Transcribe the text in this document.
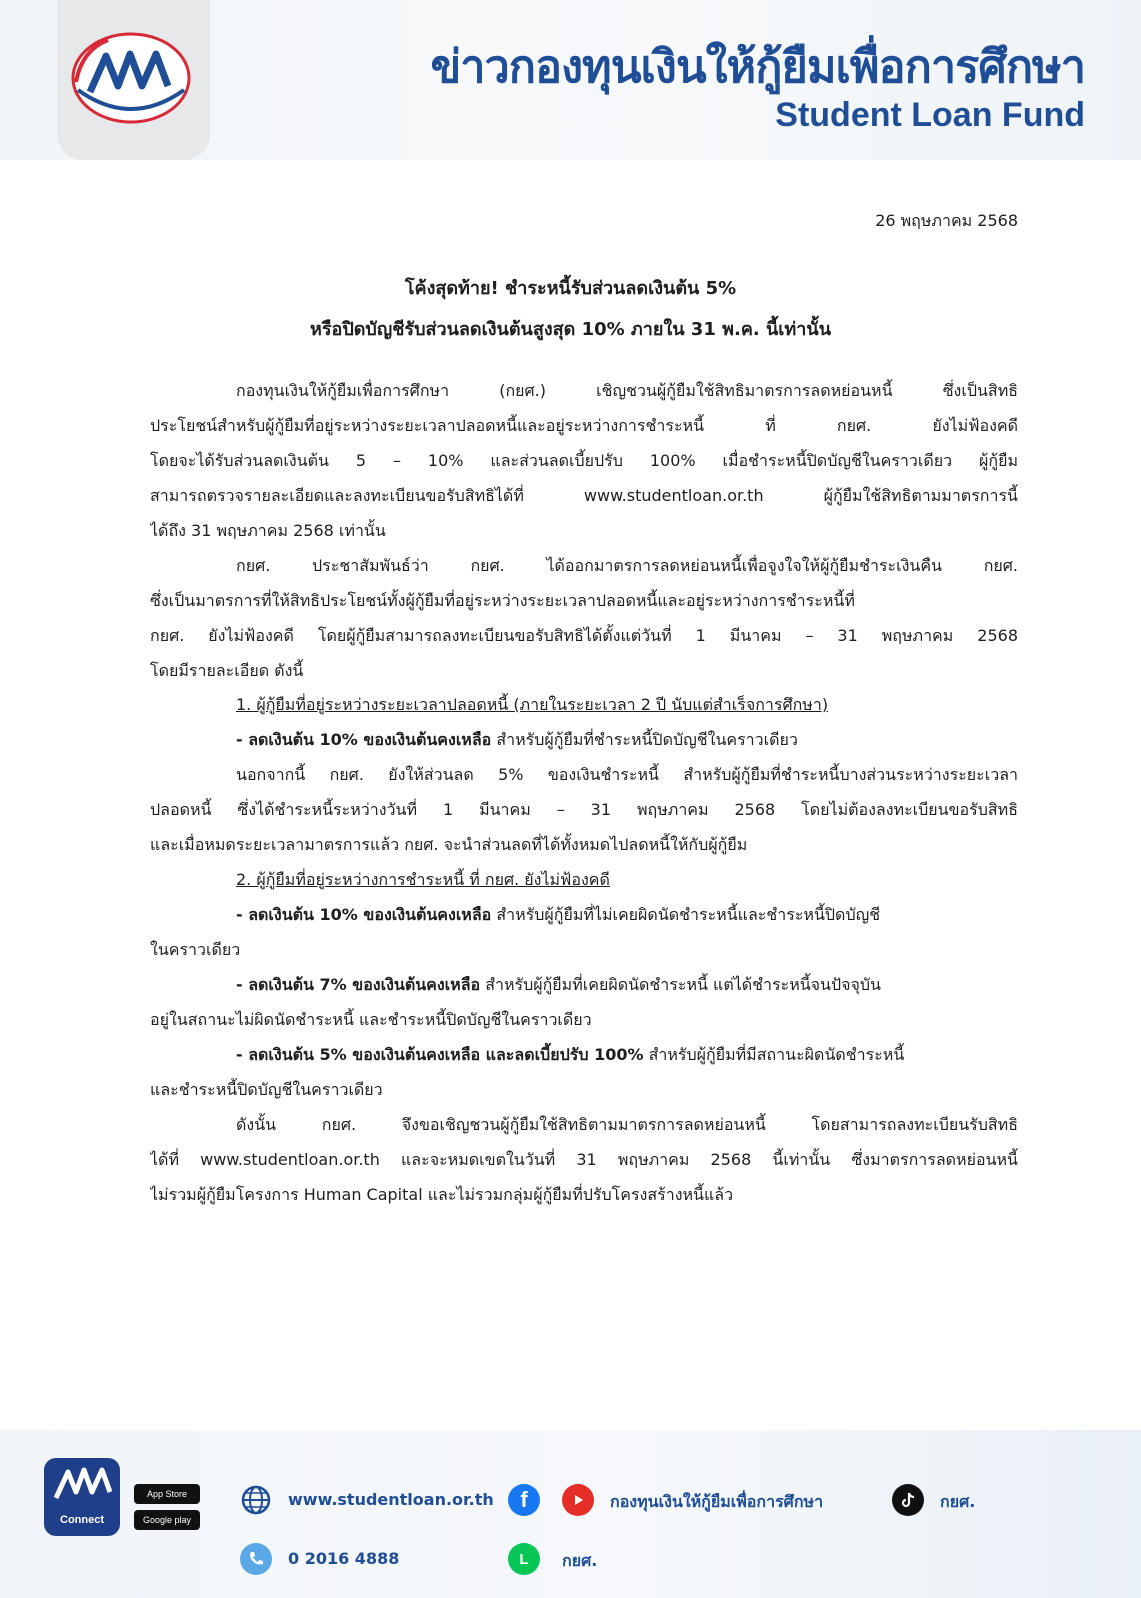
ข่าวกองทุนเงินให้กู้ยืมเพื่อการศึกษา
Student Loan Fund
26 พฤษภาคม 2568
โค้งสุดท้าย! ชำระหนี้รับส่วนลดเงินต้น 5%
หรือปิดบัญชีรับส่วนลดเงินต้นสูงสุด 10% ภายใน 31 พ.ค. นี้เท่านั้น
กองทุนเงินให้กู้ยืมเพื่อการศึกษา (กยศ.) เชิญชวนผู้กู้ยืมใช้สิทธิมาตรการลดหย่อนหนี้ ซึ่งเป็นสิทธิ
ประโยชน์สำหรับผู้กู้ยืมที่อยู่ระหว่างระยะเวลาปลอดหนี้และอยู่ระหว่างการชำระหนี้ ที่ กยศ. ยังไม่ฟ้องคดี
โดยจะได้รับส่วนลดเงินต้น 5 – 10% และส่วนลดเบี้ยปรับ 100% เมื่อชำระหนี้ปิดบัญชีในคราวเดียว ผู้กู้ยืม
สามารถตรวจรายละเอียดและลงทะเบียนขอรับสิทธิได้ที่ www.studentloan.or.th ผู้กู้ยืมใช้สิทธิตามมาตรการนี้
ได้ถึง 31 พฤษภาคม 2568 เท่านั้น
กยศ. ประชาสัมพันธ์ว่า กยศ. ได้ออกมาตรการลดหย่อนหนี้เพื่อจูงใจให้ผู้กู้ยืมชำระเงินคืน กยศ.
ซึ่งเป็นมาตรการที่ให้สิทธิประโยชน์ทั้งผู้กู้ยืมที่อยู่ระหว่างระยะเวลาปลอดหนี้และอยู่ระหว่างการชำระหนี้ที่
กยศ. ยังไม่ฟ้องคดี โดยผู้กู้ยืมสามารถลงทะเบียนขอรับสิทธิได้ตั้งแต่วันที่ 1 มีนาคม – 31 พฤษภาคม 2568
โดยมีรายละเอียด ดังนี้
1. ผู้กู้ยืมที่อยู่ระหว่างระยะเวลาปลอดหนี้ (ภายในระยะเวลา 2 ปี นับแต่สำเร็จการศึกษา)
- ลดเงินต้น 10% ของเงินต้นคงเหลือ สำหรับผู้กู้ยืมที่ชำระหนี้ปิดบัญชีในคราวเดียว
นอกจากนี้ กยศ. ยังให้ส่วนลด 5% ของเงินชำระหนี้ สำหรับผู้กู้ยืมที่ชำระหนี้บางส่วนระหว่างระยะเวลา
ปลอดหนี้ ซึ่งได้ชำระหนี้ระหว่างวันที่ 1 มีนาคม – 31 พฤษภาคม 2568 โดยไม่ต้องลงทะเบียนขอรับสิทธิ
และเมื่อหมดระยะเวลามาตรการแล้ว กยศ. จะนำส่วนลดที่ได้ทั้งหมดไปลดหนี้ให้กับผู้กู้ยืม
2. ผู้กู้ยืมที่อยู่ระหว่างการชำระหนี้ ที่ กยศ. ยังไม่ฟ้องคดี
- ลดเงินต้น 10% ของเงินต้นคงเหลือ สำหรับผู้กู้ยืมที่ไม่เคยผิดนัดชำระหนี้และชำระหนี้ปิดบัญชี
ในคราวเดียว
- ลดเงินต้น 7% ของเงินต้นคงเหลือ สำหรับผู้กู้ยืมที่เคยผิดนัดชำระหนี้ แต่ได้ชำระหนี้จนปัจจุบัน
อยู่ในสถานะไม่ผิดนัดชำระหนี้ และชำระหนี้ปิดบัญชีในคราวเดียว
- ลดเงินต้น 5% ของเงินต้นคงเหลือ และลดเบี้ยปรับ 100% สำหรับผู้กู้ยืมที่มีสถานะผิดนัดชำระหนี้
และชำระหนี้ปิดบัญชีในคราวเดียว
ดังนั้น กยศ. จึงขอเชิญชวนผู้กู้ยืมใช้สิทธิตามมาตรการลดหย่อนหนี้ โดยสามารถลงทะเบียนรับสิทธิ
ได้ที่ www.studentloan.or.th และจะหมดเขตในวันที่ 31 พฤษภาคม 2568 นี้เท่านั้น ซึ่งมาตรการลดหย่อนหนี้
ไม่รวมผู้กู้ยืมโครงการ Human Capital และไม่รวมกลุ่มผู้กู้ยืมที่ปรับโครงสร้างหนี้แล้ว
Connect
App Store
Google play
www.studentloan.or.th	f	กองทุนเงินให้กู้ยืมเพื่อการศึกษา	กยศ.
0 2016 4888	L	กยศ.
